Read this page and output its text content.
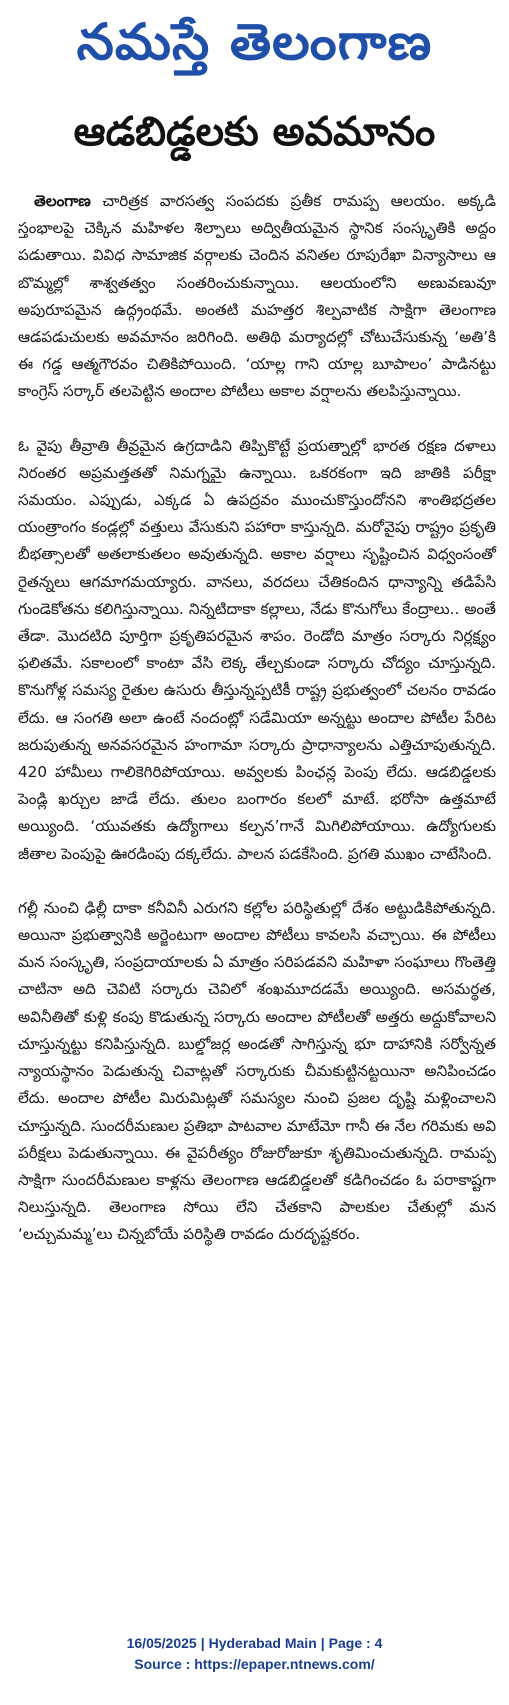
నమస్తే తెలంగాణ
ఆడబిడ్డలకు అవమానం

తెలంగాణ చారిత్రక వారసత్వ సంపదకు ప్రతీక రామప్ప ఆలయం. అక్కడి స్తంభాలపై చెక్కిన మహిళల శిల్పాలు అద్వితీయమైన స్థానిక సంస్కృతికి అద్దం పడుతాయి. వివిధ సామాజిక వర్గాలకు చెందిన వనితల రూపురేఖా విన్యాసాలు ఆ బొమ్మల్లో శాశ్వతత్వం సంతరించుకున్నాయి. ఆలయంలోని అణువణువూ అపురూపమైన ఉద్గ్రంథమే. అంతటి మహత్తర శిల్పవాటిక సాక్షిగా తెలంగాణ ఆడపడుచులకు అవమానం జరిగింది. అతిథి మర్యాదల్లో చోటుచేసుకున్న ‘అతి’కి ఈ గడ్డ ఆత్మగౌరవం చితికిపోయింది. ‘యాల్ల గాని యాల్ల బూపాలం’ పాడినట్టు కాంగ్రెస్ సర్కార్ తలపెట్టిన అందాల పోటీలు అకాల వర్షాలను తలపిస్తున్నాయి.

ఓ వైపు తీవ్రాతి తీవ్రమైన ఉగ్రదాడిని తిప్పికొట్టే ప్రయత్నాల్లో భారత రక్షణ దళాలు నిరంతర అప్రమత్తతతో నిమగ్నమై ఉన్నాయి. ఒకరకంగా ఇది జాతికి పరీక్షా సమయం. ఎప్పుడు, ఎక్కడ ఏ ఉపద్రవం ముంచుకొస్తుందోనని శాంతిభద్రతల యంత్రాంగం కండ్లల్లో వత్తులు వేసుకుని పహారా కాస్తున్నది. మరోవైపు రాష్ట్రం ప్రకృతి బీభత్సాలతో అతలాకుతలం అవుతున్నది. అకాల వర్షాలు సృష్టించిన విధ్వంసంతో రైతన్నలు ఆగమాగమయ్యారు. వానలు, వరదలు చేతికందిన ధాన్యాన్ని తడిపేసి గుండెకోతను కలిగిస్తున్నాయి. నిన్నటిదాకా కల్లాలు, నేడు కొనుగోలు కేంద్రాలు.. అంతే తేడా. మొదటిది పూర్తిగా ప్రకృతిపరమైన శాపం. రెండోది మాత్రం సర్కారు నిర్లక్ష్యం ఫలితమే. సకాలంలో కాంటా వేసి లెక్క తేల్చకుండా సర్కారు చోద్యం చూస్తున్నది. కొనుగోళ్ల సమస్య రైతుల ఉసురు తీస్తున్నప్పటికీ రాష్ట్ర ప్రభుత్వంలో చలనం రావడం లేదు. ఆ సంగతి అలా ఉంటే నందంట్లో సడేమియా అన్నట్టు అందాల పోటీల పేరిట జరుపుతున్న అనవసరమైన హంగామా సర్కారు ప్రాధాన్యాలను ఎత్తిచూపుతున్నది. 420 హామీలు గాలికెగిరిపోయాయి. అవ్వలకు పింఛన్ల పెంపు లేదు. ఆడబిడ్డలకు పెండ్లి ఖర్చుల జాడే లేదు. తులం బంగారం కలలో మాటే. భరోసా ఉత్తమాటే అయ్యింది. ‘యువతకు ఉద్యోగాలు కల్పన’గానే మిగిలిపోయాయి. ఉద్యోగులకు జీతాల పెంపుపై ఊరడింపు దక్కలేదు. పాలన పడకేసింది. ప్రగతి ముఖం చాటేసింది.

గల్లీ నుంచి ఢిల్లీ దాకా కనీవినీ ఎరుగని కల్లోల పరిస్థితుల్లో దేశం అట్టుడికిపోతున్నది. అయినా ప్రభుత్వానికి అర్జెంటుగా అందాల పోటీలు కావలసి వచ్చాయి. ఈ పోటీలు మన సంస్కృతి, సంప్రదాయాలకు ఏ మాత్రం సరిపడవని మహిళా సంఘాలు గొంతెత్తి చాటినా అది చెవిటి సర్కారు చెవిలో శంఖమూదడమే అయ్యింది. అసమర్థత, అవినీతితో కుళ్లి కంపు కొడుతున్న సర్కారు అందాల పోటీలతో అత్తరు అద్దుకోవాలని చూస్తున్నట్టు కనిపిస్తున్నది. బుల్డోజర్ల అండతో సాగిస్తున్న భూ దాహానికి సర్వోన్నత న్యాయస్థానం పెడుతున్న చివాట్లతో సర్కారుకు చీమకుట్టినట్టయినా అనిపించడం లేదు. అందాల పోటీల మిరుమిట్లతో సమస్యల నుంచి ప్రజల దృష్టి మళ్లించాలని చూస్తున్నది. సుందరీమణుల ప్రతిభా పాటవాల మాటేమో గానీ ఈ నేల గరిమకు అవి పరీక్షలు పెడుతున్నాయి. ఈ వైపరీత్యం రోజురోజుకూ శృతిమించుతున్నది. రామప్ప సాక్షిగా సుందరీమణుల కాళ్లను తెలంగాణ ఆడబిడ్డలతో కడిగించడం ఓ పరాకాష్టగా నిలుస్తున్నది. తెలంగాణ సోయి లేని చేతకాని పాలకుల చేతుల్లో మన ‘లచ్చుమమ్మ’లు చిన్నబోయే పరిస్థితి రావడం దురదృష్టకరం.

16/05/2025 | Hyderabad Main | Page : 4
Source : https://epaper.ntnews.com/
